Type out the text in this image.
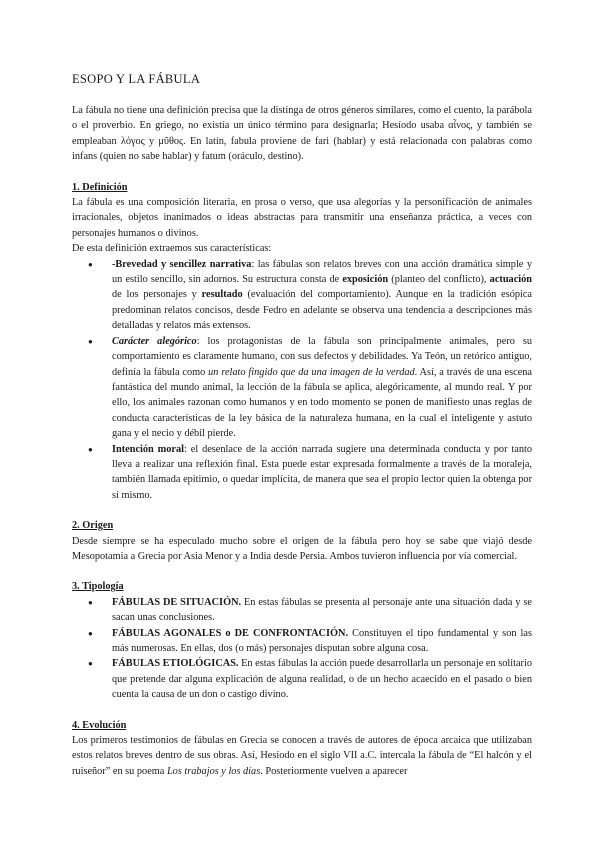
ESOPO Y LA FÁBULA

La fábula no tiene una definición precisa que la distinga de otros géneros similares, como el cuento, la parábola o el proverbio. En griego, no existía un único término para designarla; Hesíodo usaba αἶνος, y también se empleaban λόγος y μῦθος. En latín, fabula proviene de fari (hablar) y está relacionada con palabras como infans (quien no sabe hablar) y fatum (oráculo, destino).

1. Definición

La fábula es una composición literaria, en prosa o verso, que usa alegorías y la personificación de animales irracionales, objetos inanimados o ideas abstractas para transmitir una enseñanza práctica, a veces con personajes humanos o divinos.

De esta definición extraemos sus características:

● -Brevedad y sencillez narrativa: las fábulas son relatos breves con una acción dramática simple y un estilo sencillo, sin adornos. Su estructura consta de exposición (planteo del conflicto), actuación de los personajes y resultado (evaluación del comportamiento). Aunque en la tradición esópica predominan relatos concisos, desde Fedro en adelante se observa una tendencia a descripciones más detalladas y relatos más extensos.
● Carácter alegórico: los protagonistas de la fábula son principalmente animales, pero su comportamiento es claramente humano, con sus defectos y debilidades. Ya Teón, un retórico antiguo, definía la fábula como un relato fingido que da una imagen de la verdad. Así, a través de una escena fantástica del mundo animal, la lección de la fábula se aplica, alegóricamente, al mundo real. Y por ello, los animales razonan como humanos y en todo momento se ponen de manifiesto unas reglas de conducta características de la ley básica de la naturaleza humana, en la cual el inteligente y astuto gana y el necio y débil pierde.
● Intención moral: el desenlace de la acción narrada sugiere una determinada conducta y por tanto lleva a realizar una reflexión final. Esta puede estar expresada formalmente a través de la moraleja, también llamada epitimio, o quedar implícita, de manera que sea el propio lector quien la obtenga por sí mismo.

2. Origen

Desde siempre se ha especulado mucho sobre el origen de la fábula pero hoy se sabe que viajó desde Mesopotamia a Grecia por Asia Menor y a India desde Persia. Ambos tuvieron influencia por vía comercial.

3. Tipología

● FÁBULAS DE SITUACIÓN. En estas fábulas se presenta al personaje ante una situación dada y se sacan unas conclusiones.
● FÁBULAS AGONALES o DE CONFRONTACIÓN. Constituyen el tipo fundamental y son las más numerosas. En ellas, dos (o más) personajes disputan sobre alguna cosa.
● FÁBULAS ETIOLÓGICAS. En estas fábulas la acción puede desarrollarla un personaje en solitario que pretende dar alguna explicación de alguna realidad, o de un hecho acaecido en el pasado o bien cuenta la causa de un don o castigo divino.

4. Evolución

Los primeros testimonios de fábulas en Grecia se conocen a través de autores de época arcaica que utilizaban estos relatos breves dentro de sus obras. Así, Hesíodo en el siglo VII a.C. intercala la fábula de “El halcón y el ruiseñor” en su poema Los trabajos y los días. Posteriormente vuelven a aparecer
